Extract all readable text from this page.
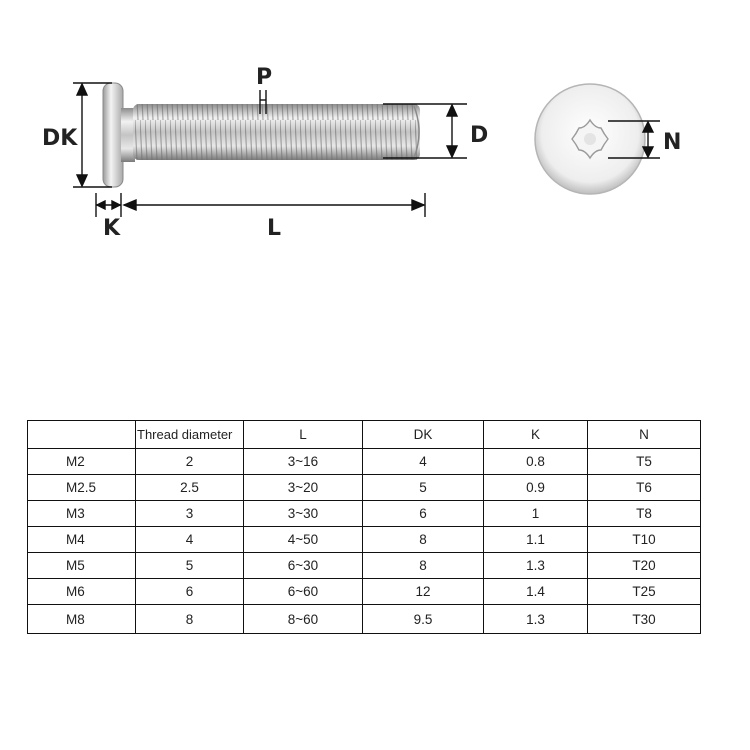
DK
K	L
P
D	N
	Thread diameter	L	DK	K	N
M2	2	3~16	4	0.8	T5
M2.5	2.5	3~20	5	0.9	T6
M3	3	3~30	6	1	T8
M4	4	4~50	8	1.1	T10
M5	5	6~30	8	1.3	T20
M6	6	6~60	12	1.4	T25
M8	8	8~60	9.5	1.3	T30
